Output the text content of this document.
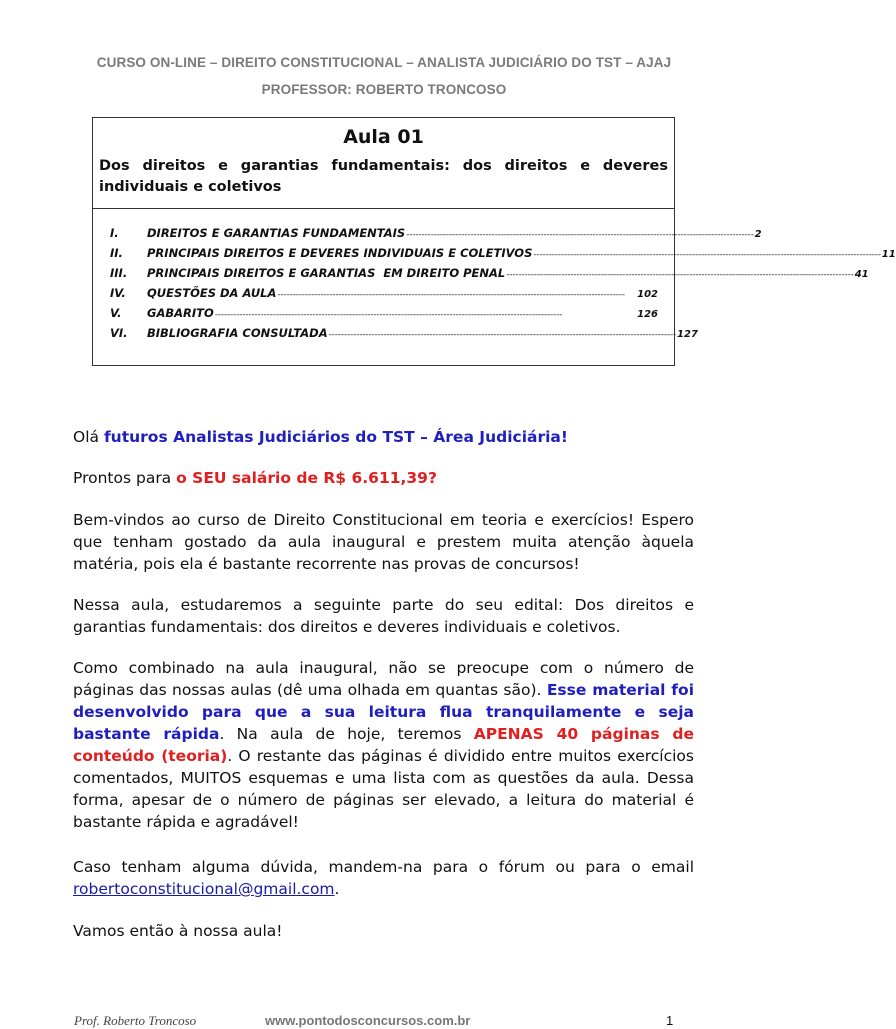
CURSO ON-LINE – DIREITO CONSTITUCIONAL – ANALISTA JUDICIÁRIO DO TST – AJAJ
PROFESSOR: ROBERTO TRONCOSO
Aula 01
Dos direitos e garantias fundamentais: dos direitos e deveres individuais e coletivos
I.	DIREITOS E GARANTIAS FUNDAMENTAIS ------------------------------------------------------------------------------------------------------------------ 2
II.	PRINCIPAIS DIREITOS E DEVERES INDIVIDUAIS E COLETIVOS ------------------------------------------------------------------------------------------------------------------ 11
III.	PRINCIPAIS DIREITOS E GARANTIAS  EM DIREITO PENAL ------------------------------------------------------------------------------------------------------------------ 41
IV.	QUESTÕES DA AULA ------------------------------------------------------------------------------------------------------------------	102
V.	GABARITO ------------------------------------------------------------------------------------------------------------------	126
VI.	BIBLIOGRAFIA CONSULTADA ------------------------------------------------------------------------------------------------------------------ 127
Olá futuros Analistas Judiciários do TST – Área Judiciária!
Prontos para o SEU salário de R$ 6.611,39?
Bem-vindos ao curso de Direito Constitucional em teoria e exercícios! Espero que tenham gostado da aula inaugural e prestem muita atenção àquela matéria, pois ela é bastante recorrente nas provas de concursos!
Nessa aula, estudaremos a seguinte parte do seu edital: Dos direitos e garantias fundamentais: dos direitos e deveres individuais e coletivos.
Como combinado na aula inaugural, não se preocupe com o número de páginas das nossas aulas (dê uma olhada em quantas são). Esse material foi desenvolvido para que a sua leitura flua tranquilamente e seja bastante rápida. Na aula de hoje, teremos APENAS 40 páginas de conteúdo (teoria). O restante das páginas é dividido entre muitos exercícios comentados, MUITOS esquemas e uma lista com as questões da aula. Dessa forma, apesar de o número de páginas ser elevado, a leitura do material é bastante rápida e agradável!
Caso tenham alguma dúvida, mandem-na para o fórum ou para o email robertoconstitucional@gmail.com.
Vamos então à nossa aula!
Prof. Roberto Troncoso	www.pontodosconcursos.com.br	1
